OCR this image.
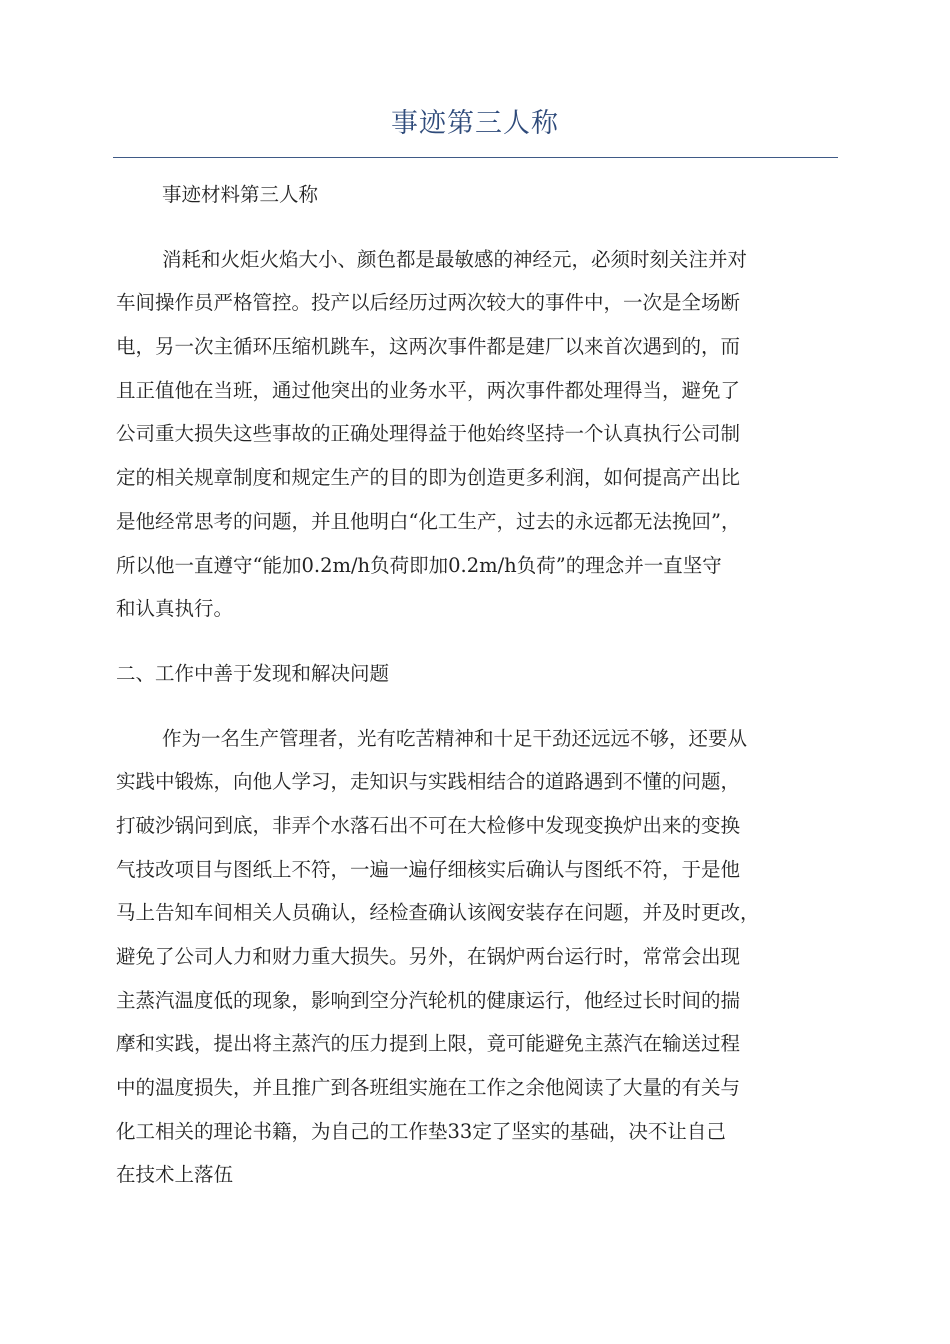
事迹第三人称
事迹材料第三人称
消耗和火炬火焰大小、颜色都是最敏感的神经元，必须时刻关注并对
车间操作员严格管控。投产以后经历过两次较大的事件中，一次是全场断
电，另一次主循环压缩机跳车，这两次事件都是建厂以来首次遇到的，而
且正值他在当班，通过他突出的业务水平，两次事件都处理得当，避免了
公司重大损失这些事故的正确处理得益于他始终坚持一个认真执行公司制
定的相关规章制度和规定生产的目的即为创造更多利润，如何提高产出比
是他经常思考的问题，并且他明白“化工生产，过去的永远都无法挽回”，
所以他一直遵守“能加0.2m/h负荷即加0.2m/h负荷”的理念并一直坚守
和认真执行。
二、工作中善于发现和解决问题
作为一名生产管理者，光有吃苦精神和十足干劲还远远不够，还要从
实践中锻炼，向他人学习，走知识与实践相结合的道路遇到不懂的问题，
打破沙锅问到底，非弄个水落石出不可在大检修中发现变换炉出来的变换
气技改项目与图纸上不符，一遍一遍仔细核实后确认与图纸不符，于是他
马上告知车间相关人员确认，经检查确认该阀安装存在问题，并及时更改，
避免了公司人力和财力重大损失。另外，在锅炉两台运行时，常常会出现
主蒸汽温度低的现象，影响到空分汽轮机的健康运行，他经过长时间的揣
摩和实践，提出将主蒸汽的压力提到上限，竟可能避免主蒸汽在输送过程
中的温度损失，并且推广到各班组实施在工作之余他阅读了大量的有关与
化工相关的理论书籍，为自己的工作垫33定了坚实的基础，决不让自己
在技术上落伍
